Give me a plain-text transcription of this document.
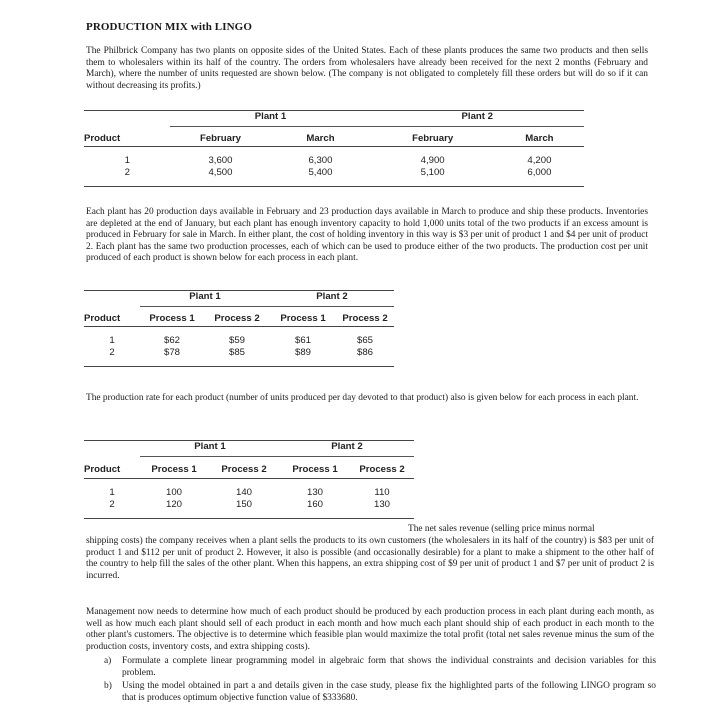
PRODUCTION MIX with LINGO
The Philbrick Company has two plants on opposite sides of the United States. Each of these plants produces the same two products and then sells them to wholesalers within its half of the country. The orders from wholesalers have already been received for the next 2 months (February and March), where the number of units requested are shown below. (The company is not obligated to completely fill these orders but will do so if it can without decreasing its profits.)
	Plant 1		Plant 2	
Product	February	March	February	March
1	3,600	6,300	4,900	4,200
2	4,500	5,400	5,100	6,000
Each plant has 20 production days available in February and 23 production days available in March to produce and ship these products. Inventories are depleted at the end of January, but each plant has enough inventory capacity to hold 1,000 units total of the two products if an excess amount is produced in February for sale in March. In either plant, the cost of holding inventory in this way is $3 per unit of product 1 and $4 per unit of product 2. Each plant has the same two production processes, each of which can be used to produce either of the two products. The production cost per unit produced of each product is shown below for each process in each plant.
	Plant 1		Plant 2	
Product	Process 1	Process 2	Process 1	Process 2
1	$62	$59	$61	$65
2	$78	$85	$89	$86
The production rate for each product (number of units produced per day devoted to that product) also is given below for each process in each plant.
	Plant 1		Plant 2	
Product	Process 1	Process 2	Process 1	Process 2
1	100	140	130	110
2	120	150	160	130
The net sales revenue (selling price minus normal
shipping costs) the company receives when a plant sells the products to its own customers (the wholesalers in its half of the country) is $83 per unit of product 1 and $112 per unit of product 2. However, it also is possible (and occasionally desirable) for a plant to make a shipment to the other half of the country to help fill the sales of the other plant. When this happens, an extra shipping cost of $9 per unit of product 1 and $7 per unit of product 2 is incurred.
Management now needs to determine how much of each product should be produced by each production process in each plant during each month, as well as how much each plant should sell of each product in each month and how much each plant should ship of each product in each month to the other plant's customers. The objective is to determine which feasible plan would maximize the total profit (total net sales revenue minus the sum of the production costs, inventory costs, and extra shipping costs).
a) Formulate a complete linear programming model in algebraic form that shows the individual constraints and decision variables for this problem.
b) Using the model obtained in part a and details given in the case study, please fix the highlighted parts of the following LINGO program so that is produces optimum objective function value of $333680.
